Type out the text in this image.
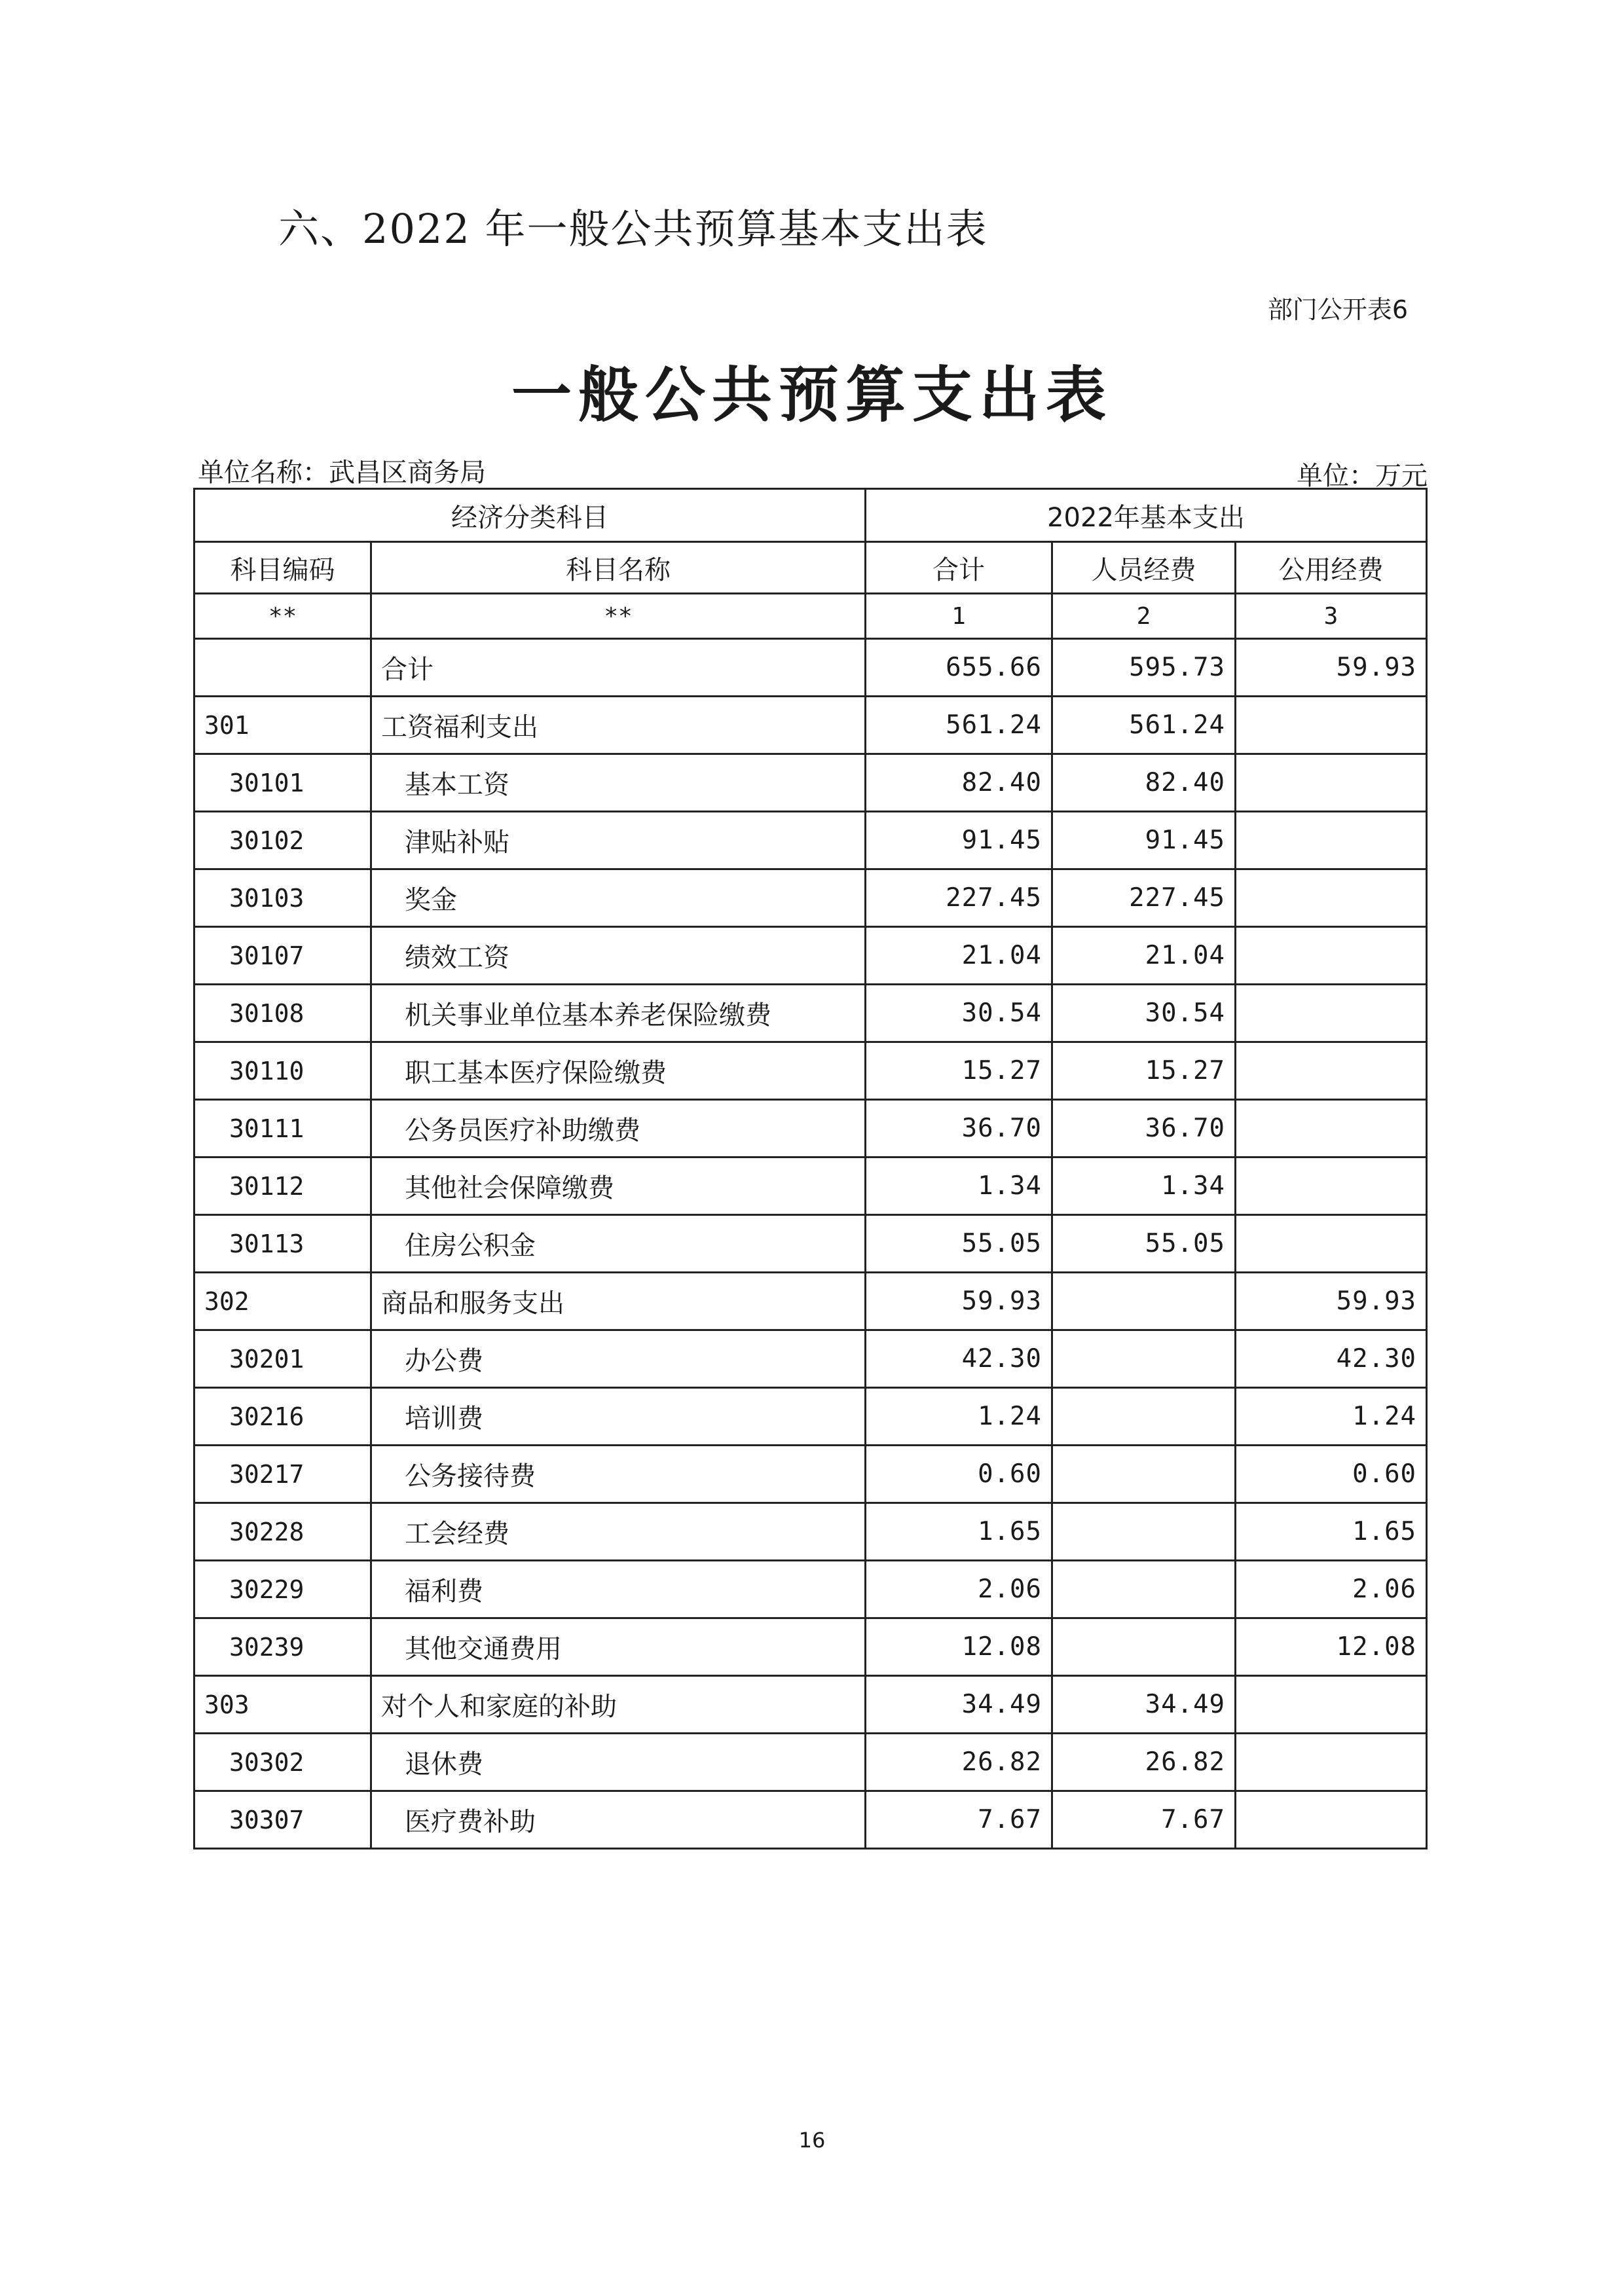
六、2022 年一般公共预算基本支出表
部门公开表6
一般公共预算支出表
单位名称：武昌区商务局	单位：万元
经济分类科目		2022年基本支出		
科目编码	科目名称	合计	人员经费	公用经费
**	**	1	2	3
	合计	655.66	595.73	59.93
301	工资福利支出	561.24	561.24	
30101	基本工资	82.40	82.40	
30102	津贴补贴	91.45	91.45	
30103	奖金	227.45	227.45	
30107	绩效工资	21.04	21.04	
30108	机关事业单位基本养老保险缴费	30.54	30.54	
30110	职工基本医疗保险缴费	15.27	15.27	
30111	公务员医疗补助缴费	36.70	36.70	
30112	其他社会保障缴费	1.34	1.34	
30113	住房公积金	55.05	55.05	
302	商品和服务支出	59.93		59.93
30201	办公费	42.30		42.30
30216	培训费	1.24		1.24
30217	公务接待费	0.60		0.60
30228	工会经费	1.65		1.65
30229	福利费	2.06		2.06
30239	其他交通费用	12.08		12.08
303	对个人和家庭的补助	34.49	34.49	
30302	退休费	26.82	26.82	
30307	医疗费补助	7.67	7.67	
16
